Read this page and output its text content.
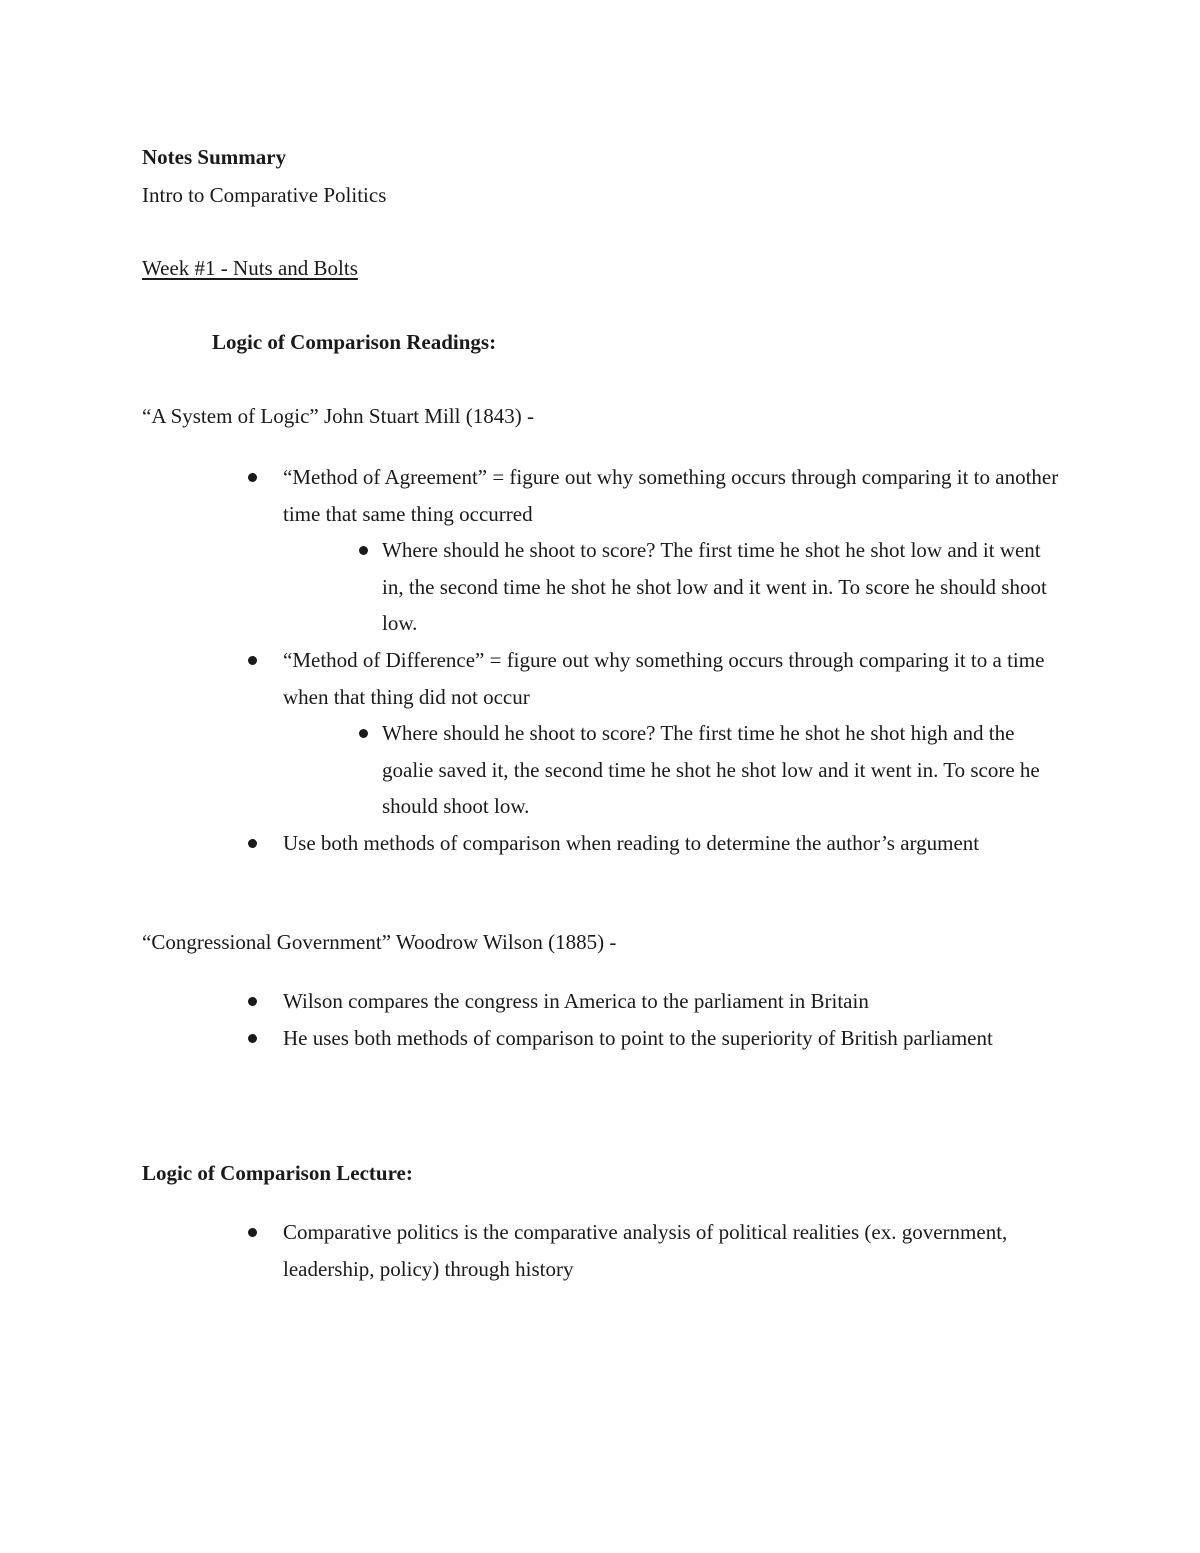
Notes Summary

Intro to Comparative Politics

Week #1 - Nuts and Bolts

Logic of Comparison Readings:

“A System of Logic” John Stuart Mill (1843) -

“Method of Agreement” = figure out why something occurs through comparing it to another time that same thing occurred
Where should he shoot to score? The first time he shot he shot low and it went in, the second time he shot he shot low and it went in. To score he should shoot low.
“Method of Difference” = figure out why something occurs through comparing it to a time when that thing did not occur
Where should he shoot to score? The first time he shot he shot high and the goalie saved it, the second time he shot he shot low and it went in. To score he should shoot low.
Use both methods of comparison when reading to determine the author’s argument

“Congressional Government” Woodrow Wilson (1885) -

Wilson compares the congress in America to the parliament in Britain
He uses both methods of comparison to point to the superiority of British parliament

Logic of Comparison Lecture:

Comparative politics is the comparative analysis of political realities (ex. government, leadership, policy) through history
